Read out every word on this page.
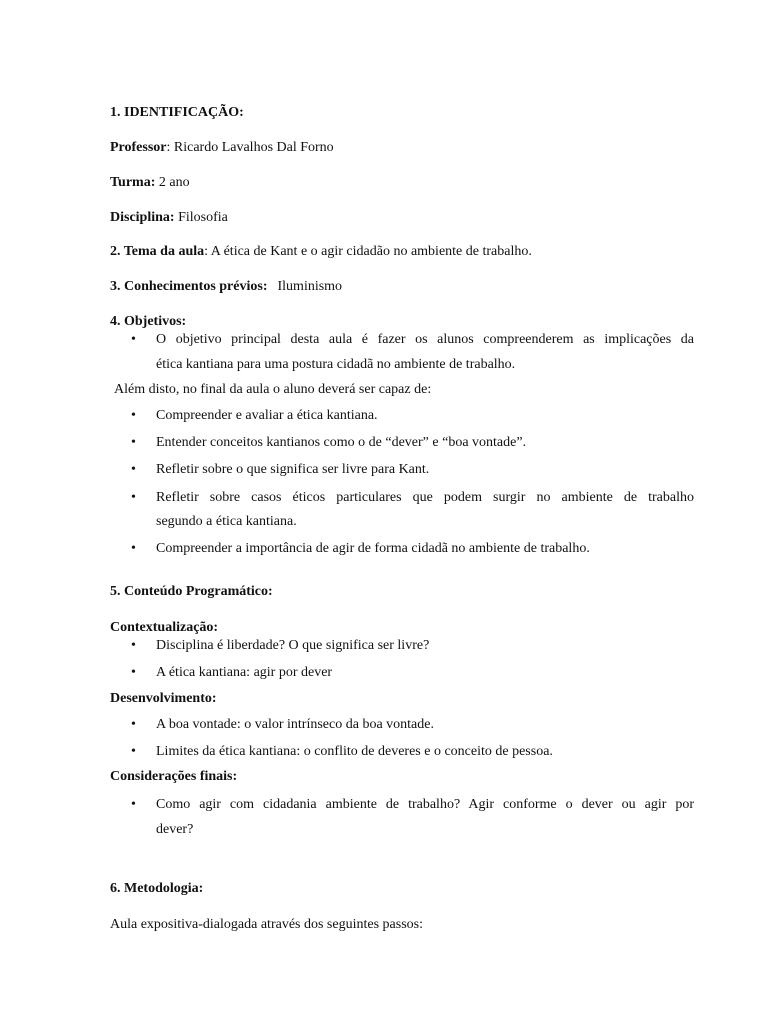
1. IDENTIFICAÇÃO:
Professor: Ricardo Lavalhos Dal Forno
Turma: 2 ano
Disciplina: Filosofia
2. Tema da aula: A ética de Kant e o agir cidadão no ambiente de trabalho.
3. Conhecimentos prévios: Iluminismo
4. Objetivos:
• O objetivo principal desta aula é fazer os alunos compreenderem as implicações da
ética kantiana para uma postura cidadã no ambiente de trabalho.
Além disto, no final da aula o aluno deverá ser capaz de:
• Compreender e avaliar a ética kantiana.
• Entender conceitos kantianos como o de “dever” e “boa vontade”.
• Refletir sobre o que significa ser livre para Kant.
• Refletir sobre casos éticos particulares que podem surgir no ambiente de trabalho
segundo a ética kantiana.
• Compreender a importância de agir de forma cidadã no ambiente de trabalho.
5. Conteúdo Programático:
Contextualização:
• Disciplina é liberdade? O que significa ser livre?
• A ética kantiana: agir por dever
Desenvolvimento:
• A boa vontade: o valor intrínseco da boa vontade.
• Limites da ética kantiana: o conflito de deveres e o conceito de pessoa.
Considerações finais:
• Como agir com cidadania ambiente de trabalho? Agir conforme o dever ou agir por
dever?
6. Metodologia:
Aula expositiva-dialogada através dos seguintes passos:
